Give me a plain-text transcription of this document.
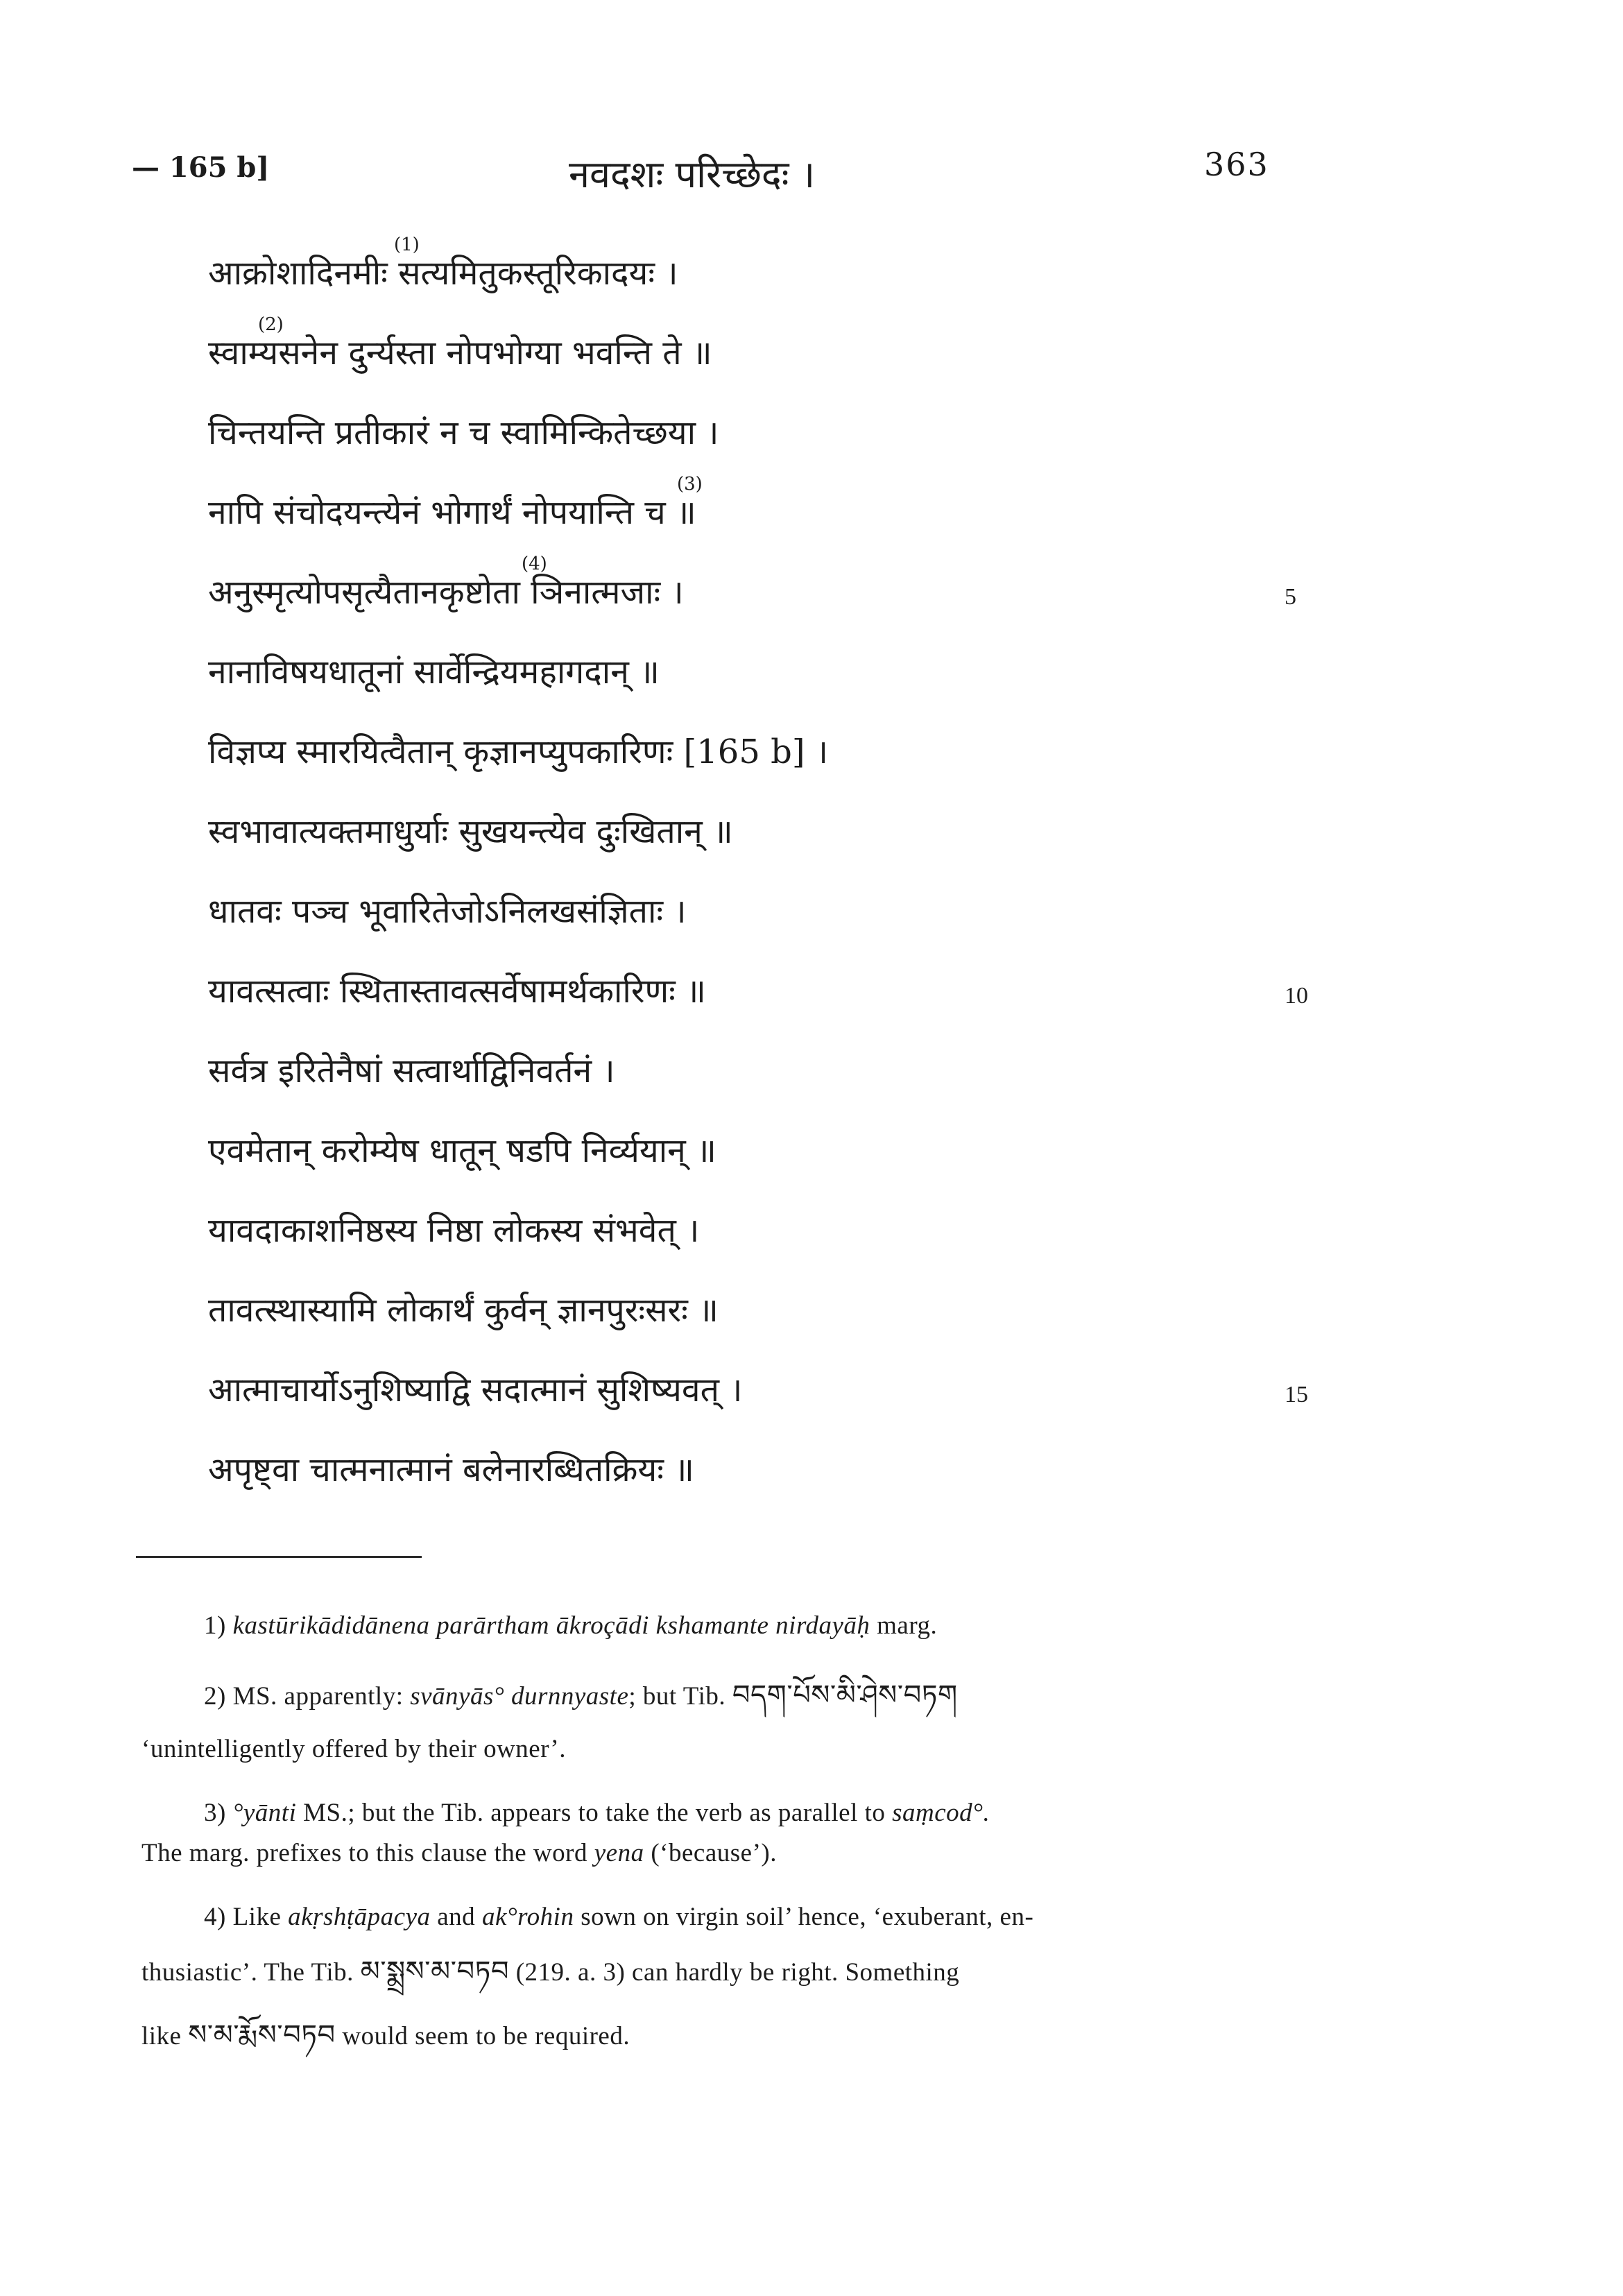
— 165 b]	नवदशः परिच्छेदः ।	363
(1)
आक्रोशादिनमीः सत्यमितुकस्तूरिकादयः ।
(2)
स्वाम्यसनेन दुर्न्यस्ता नोपभोग्या भवन्ति ते ॥
चिन्तयन्ति प्रतीकारं न च स्वामिन्कितेच्छया ।
(3)
नापि संचोदयन्त्येनं भोगार्थं नोपयान्ति च ॥
(4)
अनुस्मृत्योपसृत्यैतानकृष्टोता ञिनात्मजाः ।	5
नानाविषयधातूनां सार्वेन्द्रियमहागदान् ॥
विज्ञप्य स्मारयित्वैतान् कृज्ञानप्युपकारिणः [165 b] ।
स्वभावात्यक्तमाधुर्याः सुखयन्त्येव दुःखितान् ॥
धातवः पञ्च भूवारितेजोऽनिलखसंज्ञिताः ।
यावत्सत्वाः स्थितास्तावत्सर्वेषामर्थकारिणः ॥	10
सर्वत्र इरितेनैषां सत्वार्थाद्विनिवर्तनं ।
एवमेतान् करोम्येष धातून् षडपि निर्व्ययान् ॥
यावदाकाशनिष्ठस्य निष्ठा लोकस्य संभवेत् ।
तावत्स्थास्यामि लोकार्थं कुर्वन् ज्ञानपुरःसरः ॥
आत्माचार्योऽनुशिष्याद्वि सदात्मानं सुशिष्यवत् ।	15
अपृष्ट्वा चात्मनात्मानं बलेनारब्धितक्रियः ॥
1) kastūrikādidānena parārtham ākroçādi kshamante nirdayāḥ marg.
2) MS. apparently: svānyās° durnnyaste; but Tib. བདག་པོས་མི་ཤེས་བཏག
‘unintelligently offered by their owner’.
3) °yānti MS.; but the Tib. appears to take the verb as parallel to saṃcod°.
The marg. prefixes to this clause the word yena (‘because’).
4) Like akṛshṭāpacya and ak°rohin sown on virgin soil’ hence, ‘exuberant, en-
thusiastic’. The Tib. མ་སྨྲས་མ་བཏབ (219. a. 3) can hardly be right. Something
like ས་མ་རྨོས་བཏབ would seem to be required.
